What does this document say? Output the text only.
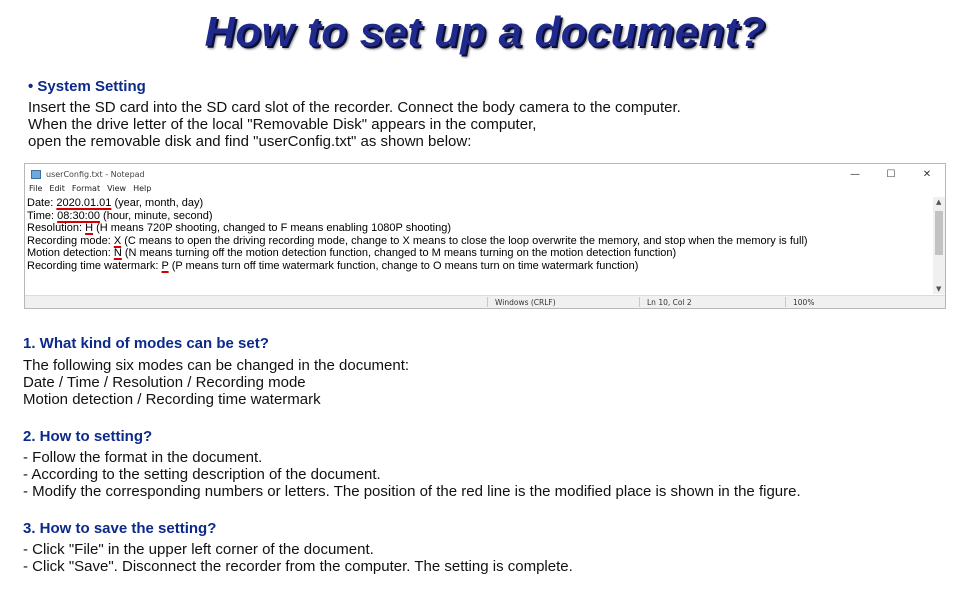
How to set up a document?
• System Setting
Insert the SD card into the SD card slot of the recorder. Connect the body camera to the computer.
When the drive letter of the local "Removable Disk" appears in the computer,
open the removable disk and find "userConfig.txt" as shown below:
userConfig.txt - Notepad	—	☐	✕
File Edit Format View Help
Date: 2020.01.01 (year, month, day)
Time: 08:30:00 (hour, minute, second)
Resolution: H (H means 720P shooting, changed to F means enabling 1080P shooting)
Recording mode: X (C means to open the driving recording mode, change to X means to close the loop overwrite the memory, and stop when the memory is full)
Motion detection: N (N means turning off the motion detection function, changed to M means turning on the motion detection function)
Recording time watermark: P (P means turn off time watermark function, change to O means turn on time watermark function)
▲
▼
Windows (CRLF)	Ln 10, Col 2	100%
1. What kind of modes can be set?
The following six modes can be changed in the document:
Date / Time / Resolution / Recording mode
Motion detection / Recording time watermark
2. How to setting?
- Follow the format in the document.
- According to the setting description of the document.
- Modify the corresponding numbers or letters. The position of the red line is the modified place is shown in the figure.
3. How to save the setting?
- Click "File" in the upper left corner of the document.
- Click "Save". Disconnect the recorder from the computer. The setting is complete.
